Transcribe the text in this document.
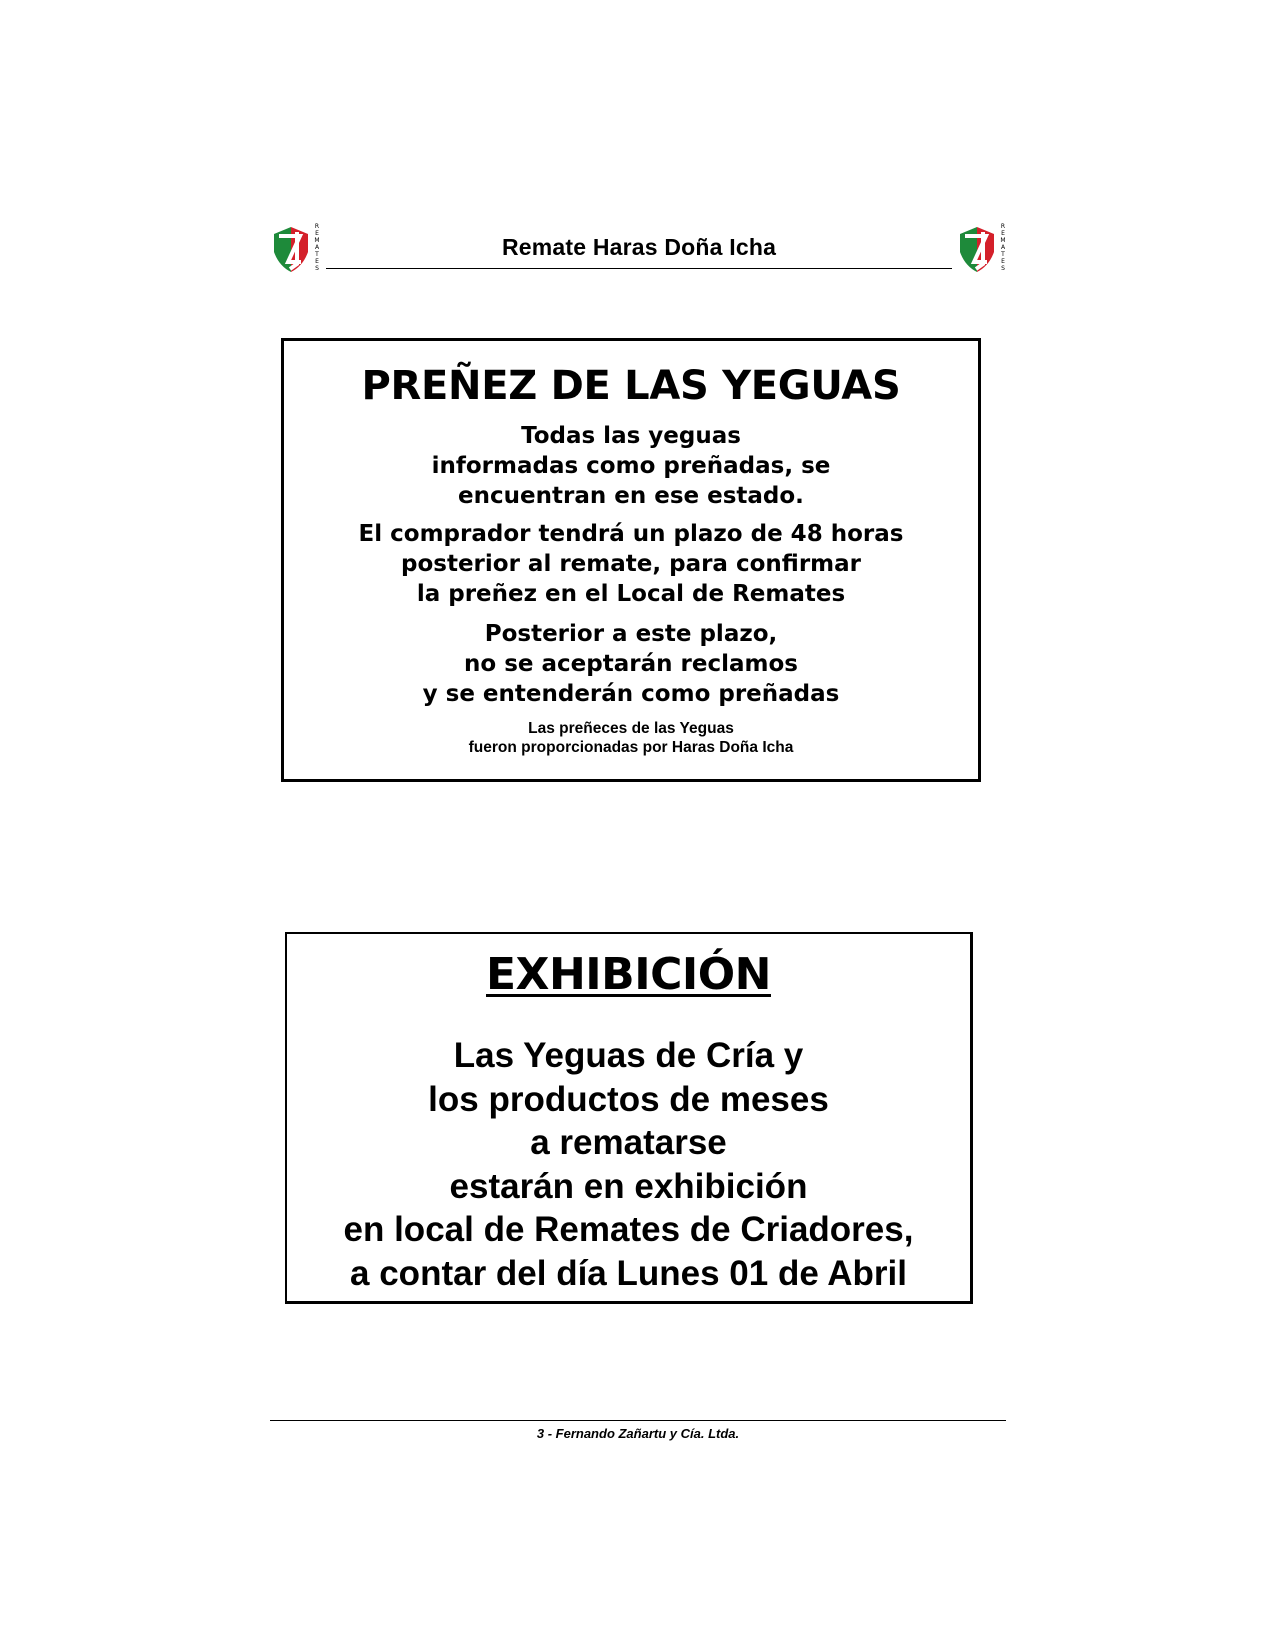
R
E
M
A
T
E
S
Remate Haras Doña Icha
R
E
M
A
T
E
S
PREÑEZ DE LAS YEGUAS
Todas las yeguas
informadas como preñadas, se
encuentran en ese estado.
El comprador tendrá un plazo de 48 horas
posterior al remate, para confirmar
la preñez en el Local de Remates
Posterior a este plazo,
no se aceptarán reclamos
y se entenderán como preñadas
Las preñeces de las Yeguas
fueron proporcionadas por Haras Doña Icha
EXHIBICIÓN
Las Yeguas de Cría y
los productos de meses
a rematarse
estarán en exhibición
en local de Remates de Criadores,
a contar del día Lunes 01 de Abril
3 - Fernando Zañartu y Cía. Ltda.
